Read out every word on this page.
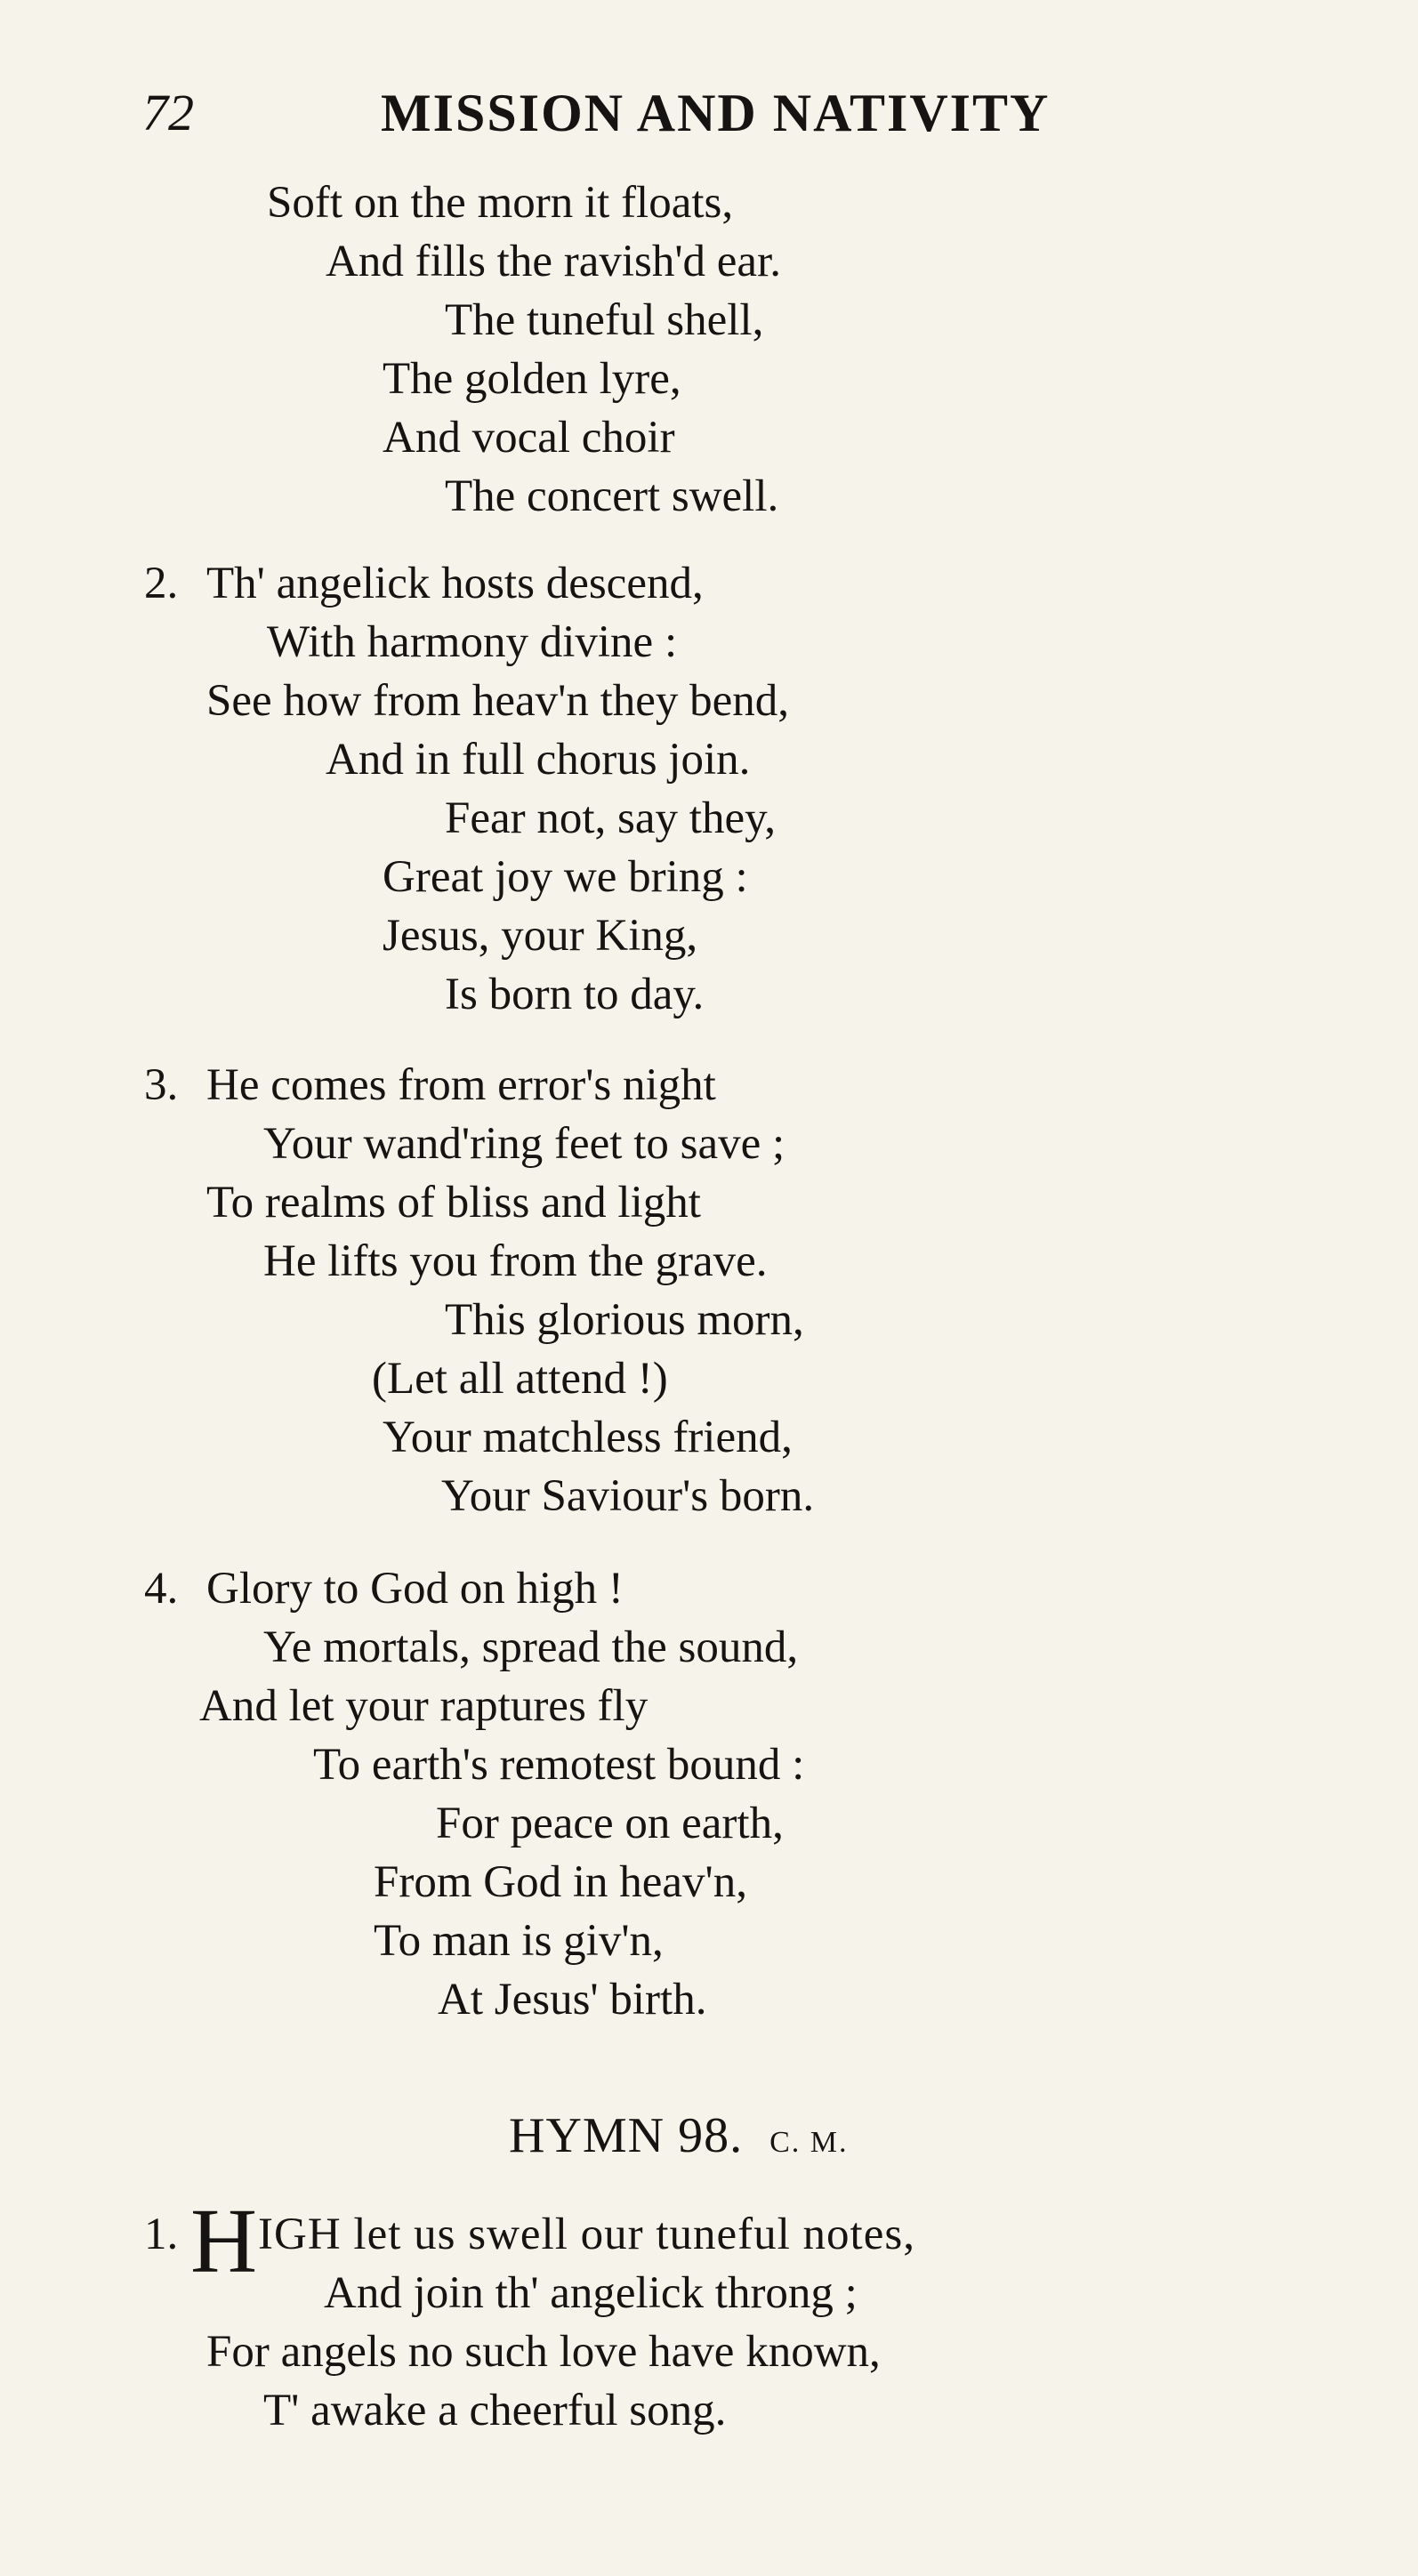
72	MISSION AND NATIVITY

Soft on the morn it floats,

And fills the ravish'd ear.

The tuneful shell,

The golden lyre,

And vocal choir

The concert swell.

2. Th' angelick hosts descend,

With harmony divine :

See how from heav'n they bend,

And in full chorus join.

Fear not, say they,

Great joy we bring :

Jesus, your King,

Is born to day.

3. He comes from error's night

Your wand'ring feet to save ;

To realms of bliss and light

He lifts you from the grave.

This glorious morn,

(Let all attend !)

Your matchless friend,

Your Saviour's born.

4. Glory to God on high !

Ye mortals, spread the sound,

And let your raptures fly

To earth's remotest bound :

For peace on earth,

From God in heav'n,

To man is giv'n,

At Jesus' birth.

HYMN 98. C. M.
1. H IGH let us swell our tuneful notes,

And join th' angelick throng ;

For angels no such love have known,

T' awake a cheerful song.
